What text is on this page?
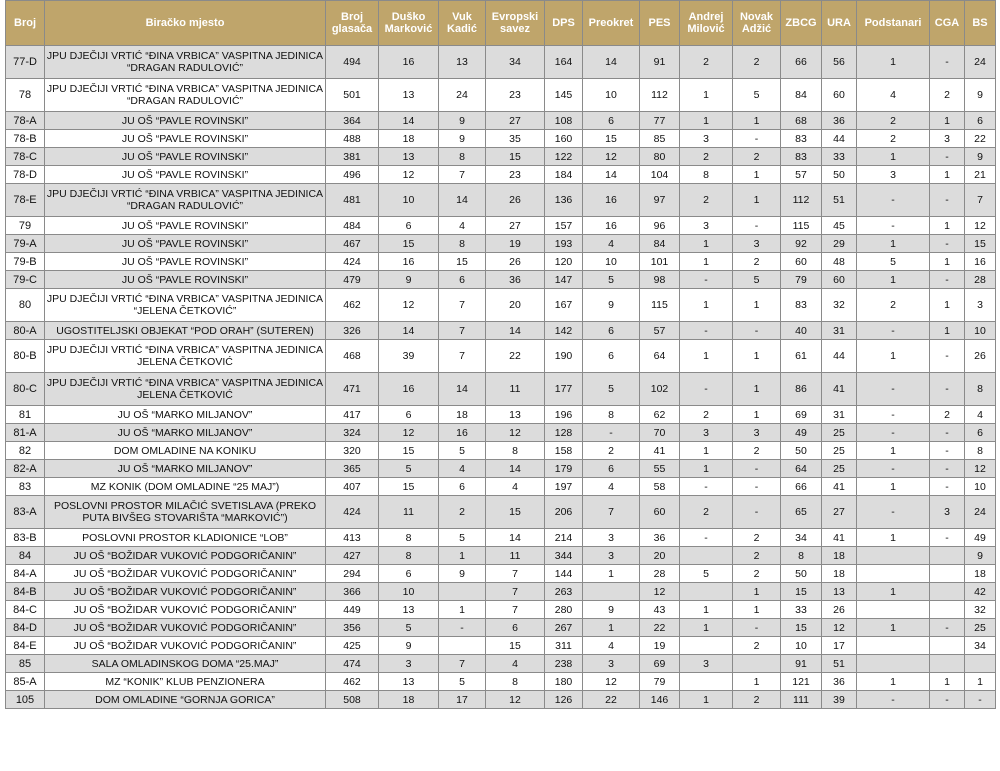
Broj	Biračko mjesto	Broj glasača	Duško Marković	Vuk Kadić	Evropski savez	DPS	Preokret	PES	Andrej Milović	Novak Adžić	ZBCG	URA	Podstanari	CGA	BS
77-D	JPU DJEČIJI VRTIĆ “ĐINA VRBICA” VASPITNA JEDINICA “DRAGAN RADULOVIĆ”	494	16	13	34	164	14	91	2	2	66	56	1	-	24
78	JPU DJEČIJI VRTIĆ “ĐINA VRBICA” VASPITNA JEDINICA “DRAGAN RADULOVIĆ”	501	13	24	23	145	10	112	1	5	84	60	4	2	9
78-A	JU OŠ “PAVLE ROVINSKI”	364	14	9	27	108	6	77	1	1	68	36	2	1	6
78-B	JU OŠ “PAVLE ROVINSKI”	488	18	9	35	160	15	85	3	-	83	44	2	3	22
78-C	JU OŠ “PAVLE ROVINSKI”	381	13	8	15	122	12	80	2	2	83	33	1	-	9
78-D	JU OŠ “PAVLE ROVINSKI”	496	12	7	23	184	14	104	8	1	57	50	3	1	21
78-E	JPU DJEČIJI VRTIĆ “ĐINA VRBICA” VASPITNA JEDINICA “DRAGAN RADULOVIĆ”	481	10	14	26	136	16	97	2	1	112	51	-	-	7
79	JU OŠ “PAVLE ROVINSKI”	484	6	4	27	157	16	96	3	-	115	45	-	1	12
79-A	JU OŠ “PAVLE ROVINSKI”	467	15	8	19	193	4	84	1	3	92	29	1	-	15
79-B	JU OŠ “PAVLE ROVINSKI”	424	16	15	26	120	10	101	1	2	60	48	5	1	16
79-C	JU OŠ “PAVLE ROVINSKI”	479	9	6	36	147	5	98	-	5	79	60	1	-	28
80	JPU DJEČIJI VRTIĆ “ĐINA VRBICA” VASPITNA JEDINICA “JELENA ČETKOVIĆ”	462	12	7	20	167	9	115	1	1	83	32	2	1	3
80-A	UGOSTITELJSKI OBJEKAT “POD ORAH” (SUTEREN)	326	14	7	14	142	6	57	-	-	40	31	-	1	10
80-B	JPU DJEČIJI VRTIĆ “ĐINA VRBICA” VASPITNA JEDINICA JELENA ČETKOVIĆ	468	39	7	22	190	6	64	1	1	61	44	1	-	26
80-C	JPU DJEČIJI VRTIĆ “ĐINA VRBICA” VASPITNA JEDINICA JELENA ČETKOVIĆ	471	16	14	11	177	5	102	-	1	86	41	-	-	8
81	JU OŠ “MARKO MILJANOV”	417	6	18	13	196	8	62	2	1	69	31	-	2	4
81-A	JU OŠ “MARKO MILJANOV”	324	12	16	12	128	-	70	3	3	49	25	-	-	6
82	DOM OMLADINE NA KONIKU	320	15	5	8	158	2	41	1	2	50	25	1	-	8
82-A	JU OŠ “MARKO MILJANOV”	365	5	4	14	179	6	55	1	-	64	25	-	-	12
83	MZ KONIK (DOM OMLADINE “25 MAJ”)	407	15	6	4	197	4	58	-	-	66	41	1	-	10
83-A	POSLOVNI PROSTOR MILAČIĆ SVETISLAVA (PREKO PUTA BIVŠEG STOVARIŠTA “MARKOVIĆ”)	424	11	2	15	206	7	60	2	-	65	27	-	3	24
83-B	POSLOVNI PROSTOR KLADIONICE “LOB”	413	8	5	14	214	3	36	-	2	34	41	1	-	49
84	JU OŠ “BOŽIDAR VUKOVIĆ PODGORIČANIN”	427	8	1	11	344	3	20		2	8	18			9
84-A	JU OŠ “BOŽIDAR VUKOVIĆ PODGORIČANIN”	294	6	9	7	144	1	28	5	2	50	18			18
84-B	JU OŠ “BOŽIDAR VUKOVIĆ PODGORIČANIN”	366	10		7	263		12		1	15	13	1		42
84-C	JU OŠ “BOŽIDAR VUKOVIĆ PODGORIČANIN”	449	13	1	7	280	9	43	1	1	33	26			32
84-D	JU OŠ “BOŽIDAR VUKOVIĆ PODGORIČANIN”	356	5	-	6	267	1	22	1	-	15	12	1	-	25
84-E	JU OŠ “BOŽIDAR VUKOVIĆ PODGORIČANIN”	425	9		15	311	4	19		2	10	17			34
85	SALA OMLADINSKOG DOMA “25.MAJ”	474	3	7	4	238	3	69	3		91	51			
85-A	MZ “KONIK” KLUB PENZIONERA	462	13	5	8	180	12	79		1	121	36	1	1	1
105	DOM OMLADINE “GORNJA GORICA”	508	18	17	12	126	22	146	1	2	111	39	-	-	-
